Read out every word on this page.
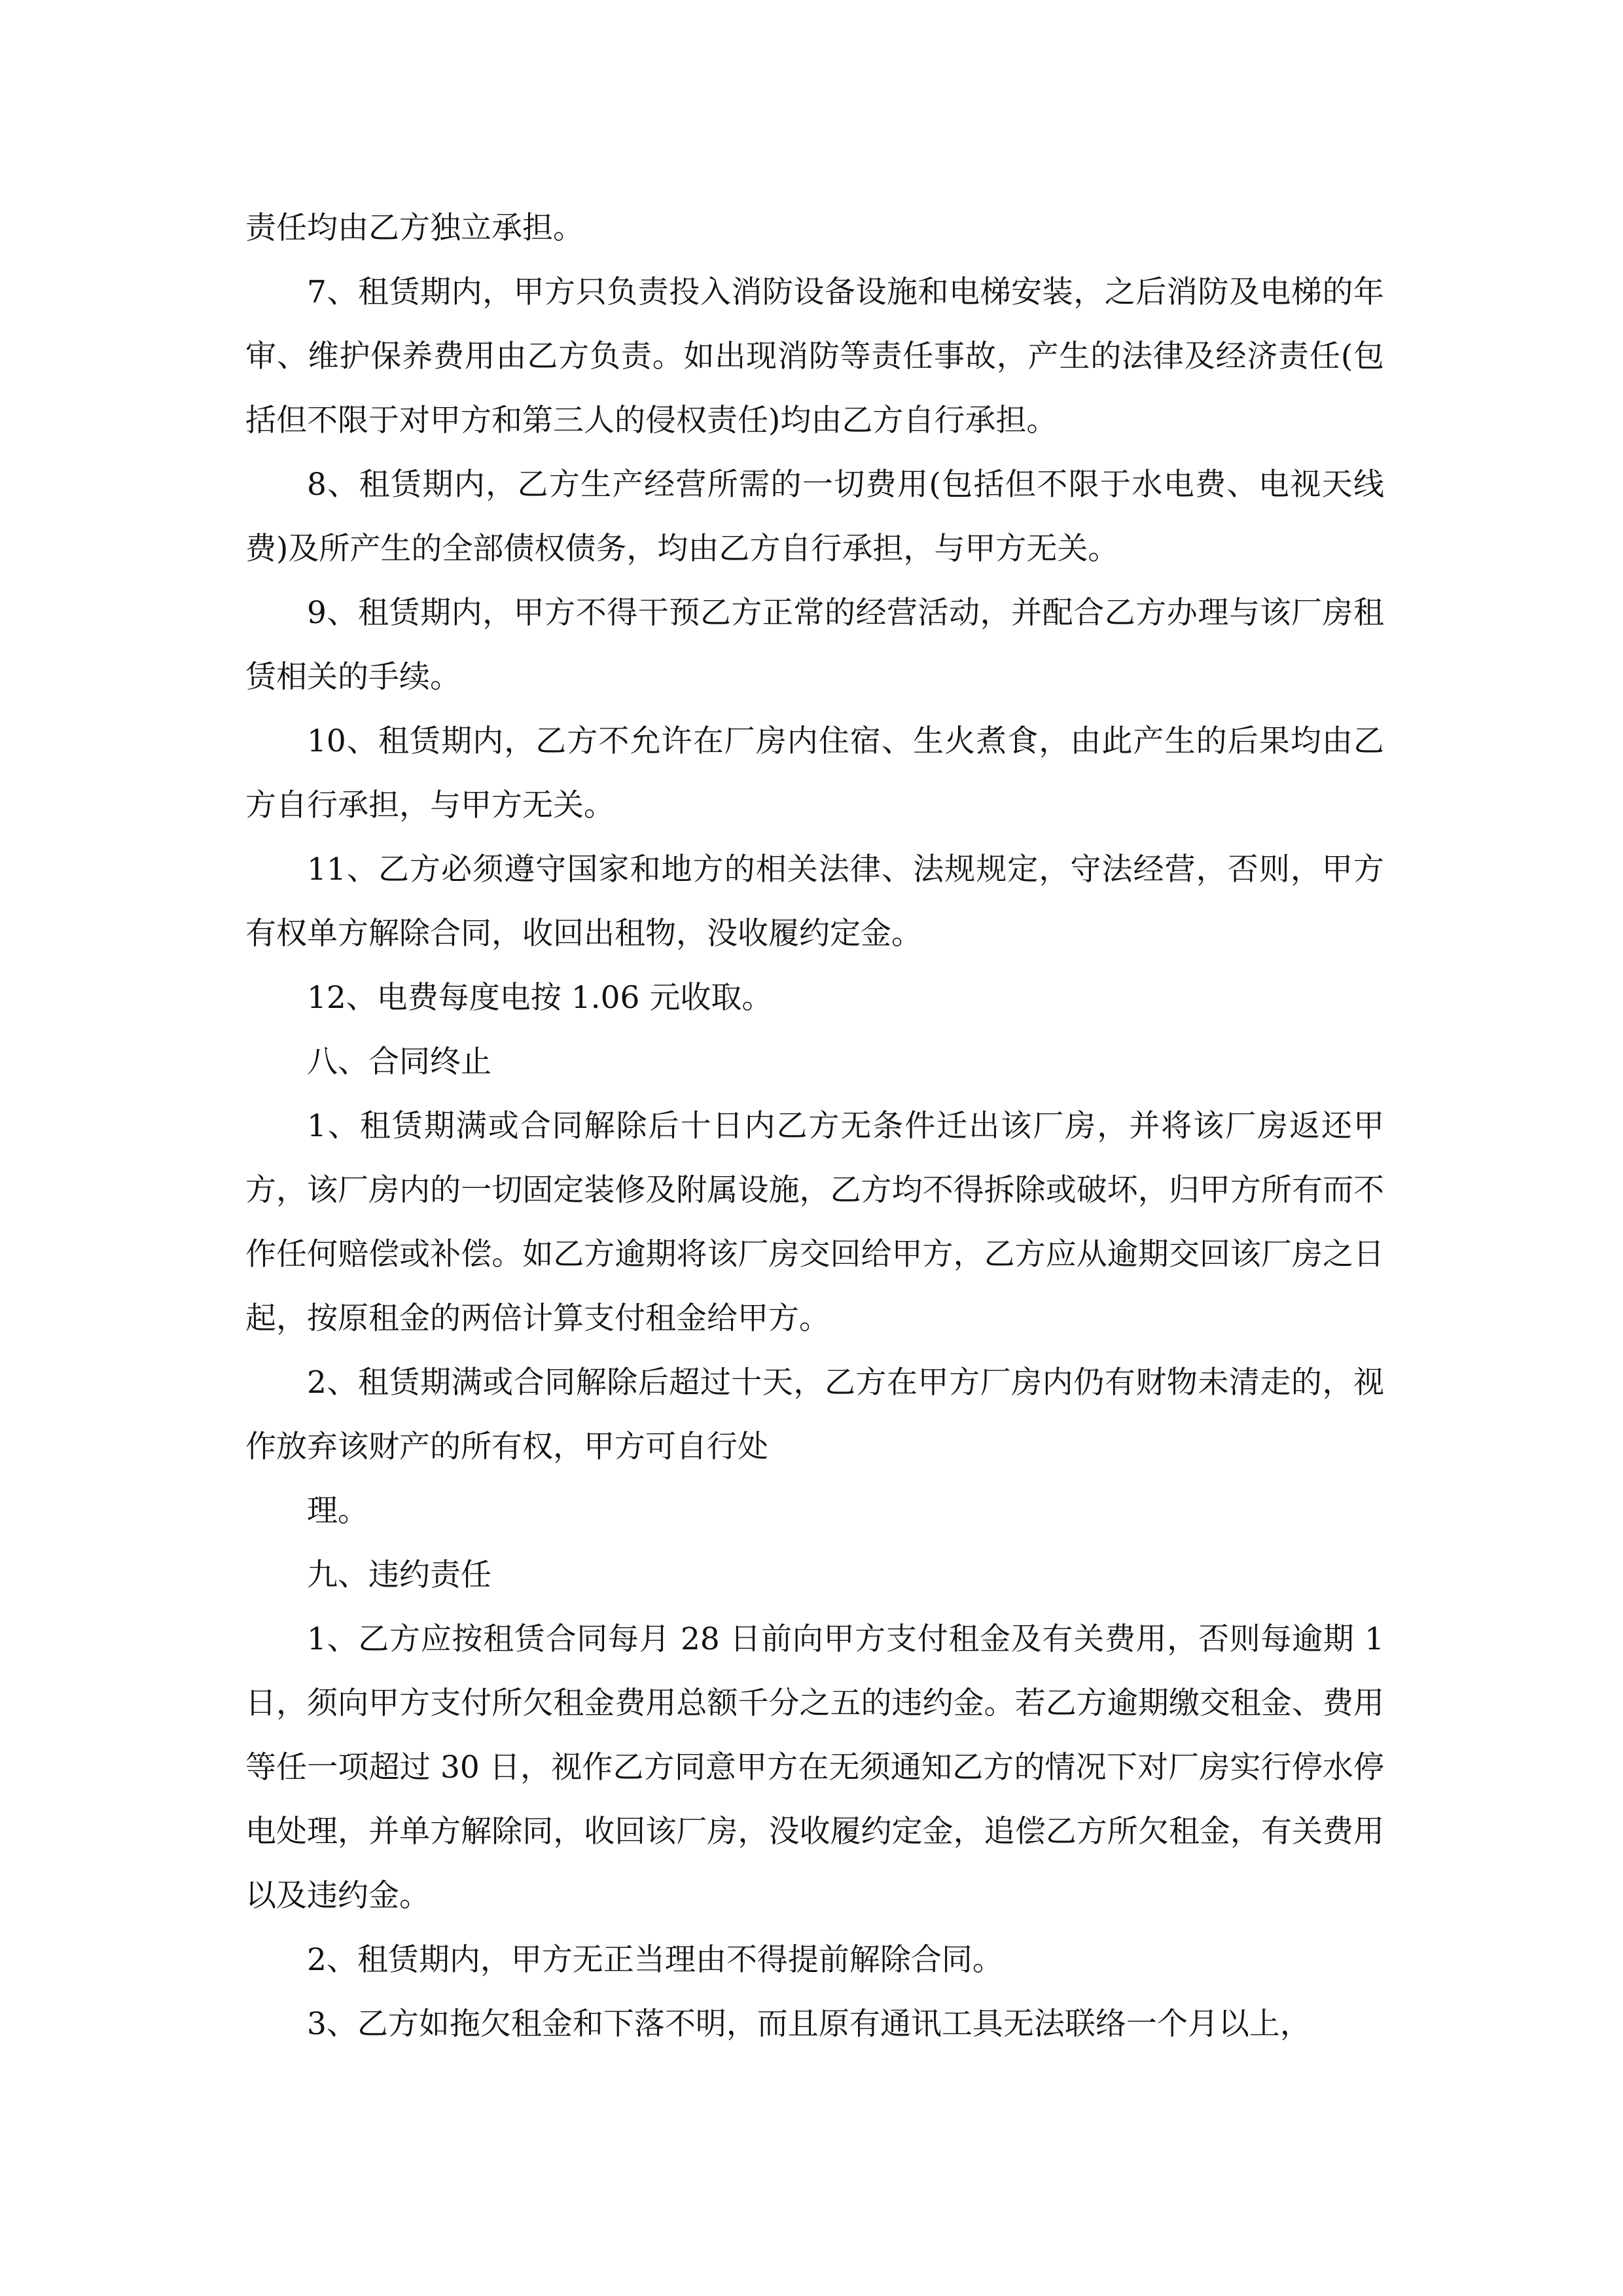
责任均由乙方独立承担。

7、租赁期内，甲方只负责投入消防设备设施和电梯安装，之后消防及电梯的年审、维护保养费用由乙方负责。如出现消防等责任事故，产生的法律及经济责任(包括但不限于对甲方和第三人的侵权责任)均由乙方自行承担。

8、租赁期内，乙方生产经营所需的一切费用(包括但不限于水电费、电视天线费)及所产生的全部债权债务，均由乙方自行承担，与甲方无关。

9、租赁期内，甲方不得干预乙方正常的经营活动，并配合乙方办理与该厂房租赁相关的手续。

10、租赁期内，乙方不允许在厂房内住宿、生火煮食，由此产生的后果均由乙方自行承担，与甲方无关。

11、乙方必须遵守国家和地方的相关法律、法规规定，守法经营，否则，甲方有权单方解除合同，收回出租物，没收履约定金。

12、电费每度电按 1.06 元收取。

八、合同终止

1、租赁期满或合同解除后十日内乙方无条件迁出该厂房，并将该厂房返还甲方，该厂房内的一切固定装修及附属设施，乙方均不得拆除或破坏，归甲方所有而不作任何赔偿或补偿。如乙方逾期将该厂房交回给甲方，乙方应从逾期交回该厂房之日起，按原租金的两倍计算支付租金给甲方。

2、租赁期满或合同解除后超过十天，乙方在甲方厂房内仍有财物未清走的，视作放弃该财产的所有权，甲方可自行处

理。

九、违约责任

1、乙方应按租赁合同每月 28 日前向甲方支付租金及有关费用，否则每逾期 1 日，须向甲方支付所欠租金费用总额千分之五的违约金。若乙方逾期缴交租金、费用等任一项超过 30 日，视作乙方同意甲方在无须通知乙方的情况下对厂房实行停水停电处理，并单方解除同，收回该厂房，没收履约定金，追偿乙方所欠租金，有关费用以及违约金。

2、租赁期内，甲方无正当理由不得提前解除合同。

3、乙方如拖欠租金和下落不明，而且原有通讯工具无法联络一个月以上，
